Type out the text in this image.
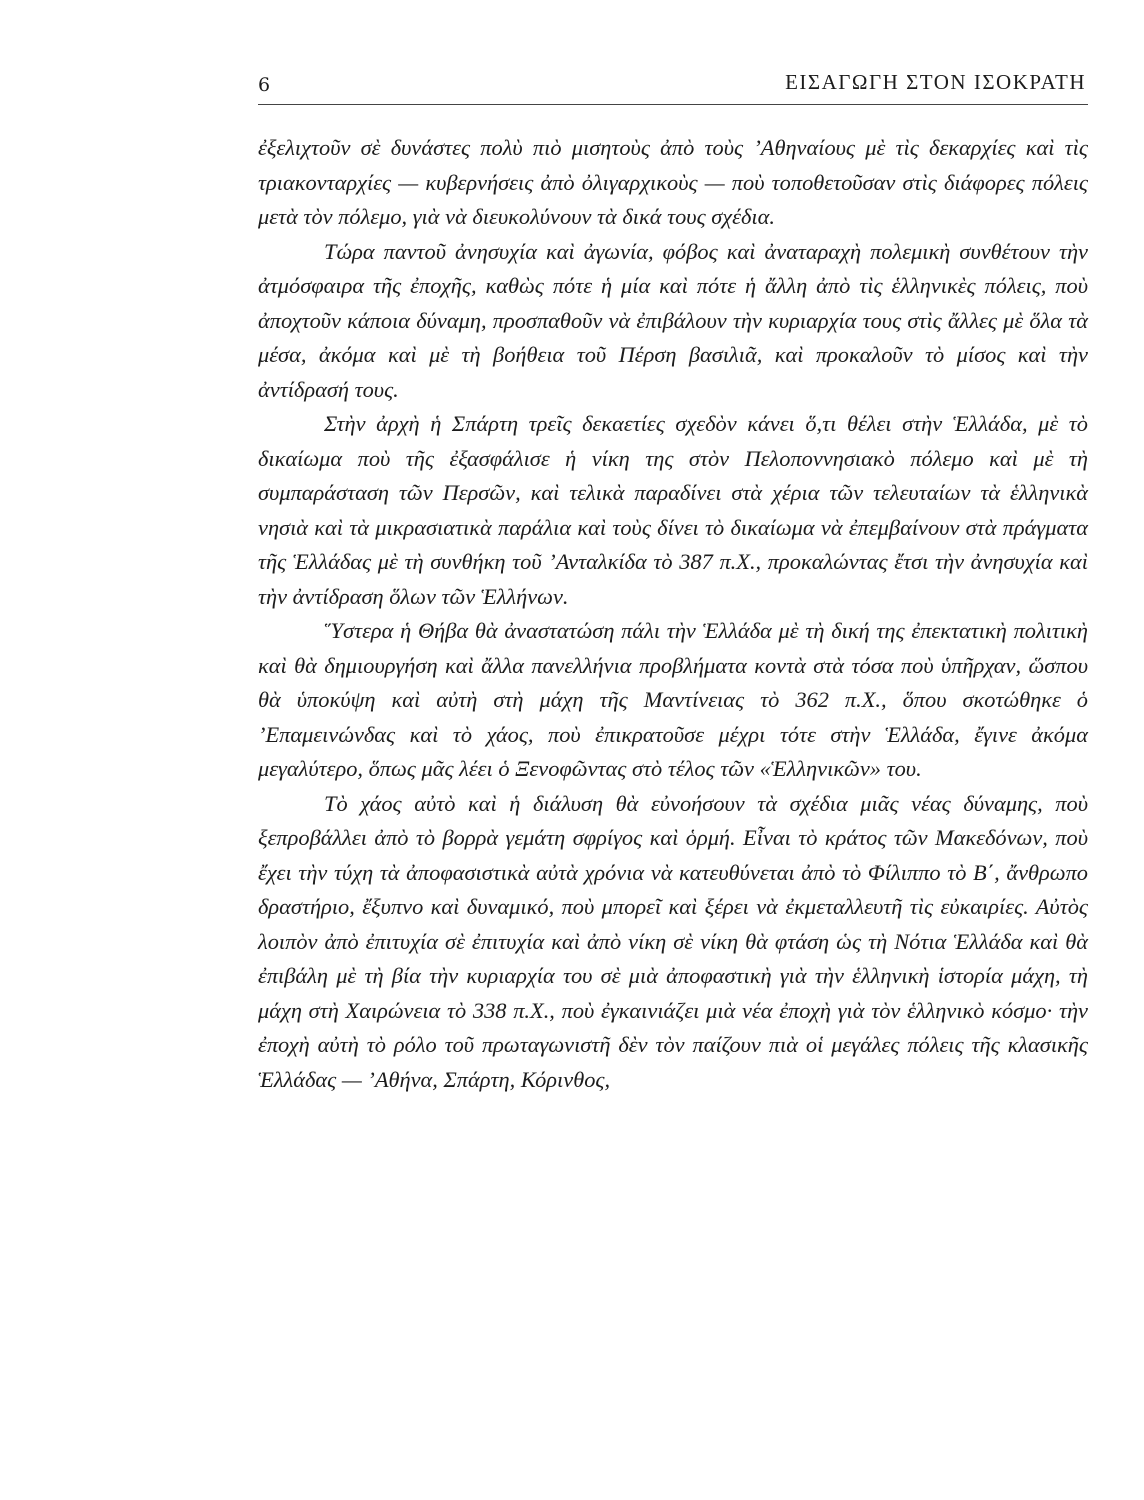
6	ΕΙΣΑΓΩΓΗ ΣΤΟΝ ΙΣΟΚΡΑΤΗ

ἐξελιχτοῦν σὲ δυνάστες πολὺ πιὸ μισητοὺς ἀπὸ τοὺς ’Αθηναίους μὲ τὶς δεκαρχίες καὶ τὶς τριακονταρχίες — κυβερνήσεις ἀπὸ ὀλιγαρχικοὺς — ποὺ τοποθετοῦσαν στὶς διάφορες πόλεις μετὰ τὸν πόλεμο, γιὰ νὰ διευκολύνουν τὰ δικά τους σχέδια.

Τώρα παντοῦ ἀνησυχία καὶ ἀγωνία, φόβος καὶ ἀναταραχὴ πολεμικὴ συνθέτουν τὴν ἀτμόσφαιρα τῆς ἐποχῆς, καθὼς πότε ἡ μία καὶ πότε ἡ ἄλλη ἀπὸ τὶς ἑλληνικὲς πόλεις, ποὺ ἀποχτοῦν κάποια δύναμη, προσπαθοῦν νὰ ἐπιβάλουν τὴν κυριαρχία τους στὶς ἄλλες μὲ ὅλα τὰ μέσα, ἀκόμα καὶ μὲ τὴ βοήθεια τοῦ Πέρση βασιλιᾶ, καὶ προκαλοῦν τὸ μίσος καὶ τὴν ἀντίδρασή τους.

Στὴν ἀρχὴ ἡ Σπάρτη τρεῖς δεκαετίες σχεδὸν κάνει ὅ,τι θέλει στὴν Ἑλλάδα, μὲ τὸ δικαίωμα ποὺ τῆς ἐξασφάλισε ἡ νίκη της στὸν Πελοποννησιακὸ πόλεμο καὶ μὲ τὴ συμπαράσταση τῶν Περσῶν, καὶ τελικὰ παραδίνει στὰ χέρια τῶν τελευταίων τὰ ἑλληνικὰ νησιὰ καὶ τὰ μικρασιατικὰ παράλια καὶ τοὺς δίνει τὸ δικαίωμα νὰ ἐπεμβαίνουν στὰ πράγματα τῆς Ἑλλάδας μὲ τὴ συνθήκη τοῦ ’Ανταλκίδα τὸ 387 π.Χ., προκαλώντας ἔτσι τὴν ἀνησυχία καὶ τὴν ἀντίδραση ὅλων τῶν Ἑλλήνων.

Ὕστερα ἡ Θήβα θὰ ἀναστατώση πάλι τὴν Ἑλλάδα μὲ τὴ δική της ἐπεκτατικὴ πολιτικὴ καὶ θὰ δημιουργήση καὶ ἄλλα πανελλήνια προβλήματα κοντὰ στὰ τόσα ποὺ ὑπῆρχαν, ὥσπου θὰ ὑποκύψη καὶ αὐτὴ στὴ μάχη τῆς Μαντίνειας τὸ 362 π.Χ., ὅπου σκοτώθηκε ὁ ’Επαμεινώνδας καὶ τὸ χάος, ποὺ ἐπικρατοῦσε μέχρι τότε στὴν Ἑλλάδα, ἔγινε ἀκόμα μεγαλύτερο, ὅπως μᾶς λέει ὁ Ξενοφῶντας στὸ τέλος τῶν «Ἑλληνικῶν» του.

Τὸ χάος αὐτὸ καὶ ἡ διάλυση θὰ εὐνοήσουν τὰ σχέδια μιᾶς νέας δύναμης, ποὺ ξεπροβάλλει ἀπὸ τὸ βορρὰ γεμάτη σφρίγος καὶ ὁρμή. Εἶναι τὸ κράτος τῶν Μακεδόνων, ποὺ ἔχει τὴν τύχη τὰ ἀποφασιστικὰ αὐτὰ χρόνια νὰ κατευθύνεται ἀπὸ τὸ Φίλιππο τὸ Β΄, ἄνθρωπο δραστήριο, ἔξυπνο καὶ δυναμικό, ποὺ μπορεῖ καὶ ξέρει νὰ ἐκμεταλλευτῆ τὶς εὐκαιρίες. Αὐτὸς λοιπὸν ἀπὸ ἐπιτυχία σὲ ἐπιτυχία καὶ ἀπὸ νίκη σὲ νίκη θὰ φτάση ὡς τὴ Νότια Ἑλλάδα καὶ θὰ ἐπιβάλη μὲ τὴ βία τὴν κυριαρχία του σὲ μιὰ ἀποφαστικὴ γιὰ τὴν ἑλληνικὴ ἱστορία μάχη, τὴ μάχη στὴ Χαιρώνεια τὸ 338 π.Χ., ποὺ ἐγκαινιάζει μιὰ νέα ἐποχὴ γιὰ τὸν ἑλληνικὸ κόσμο· τὴν ἐποχὴ αὐτὴ τὸ ρόλο τοῦ πρωταγωνιστῆ δὲν τὸν παίζουν πιὰ οἱ μεγάλες πόλεις τῆς κλασικῆς Ἑλλάδας — ’Αθήνα, Σπάρτη, Κόρινθος,
